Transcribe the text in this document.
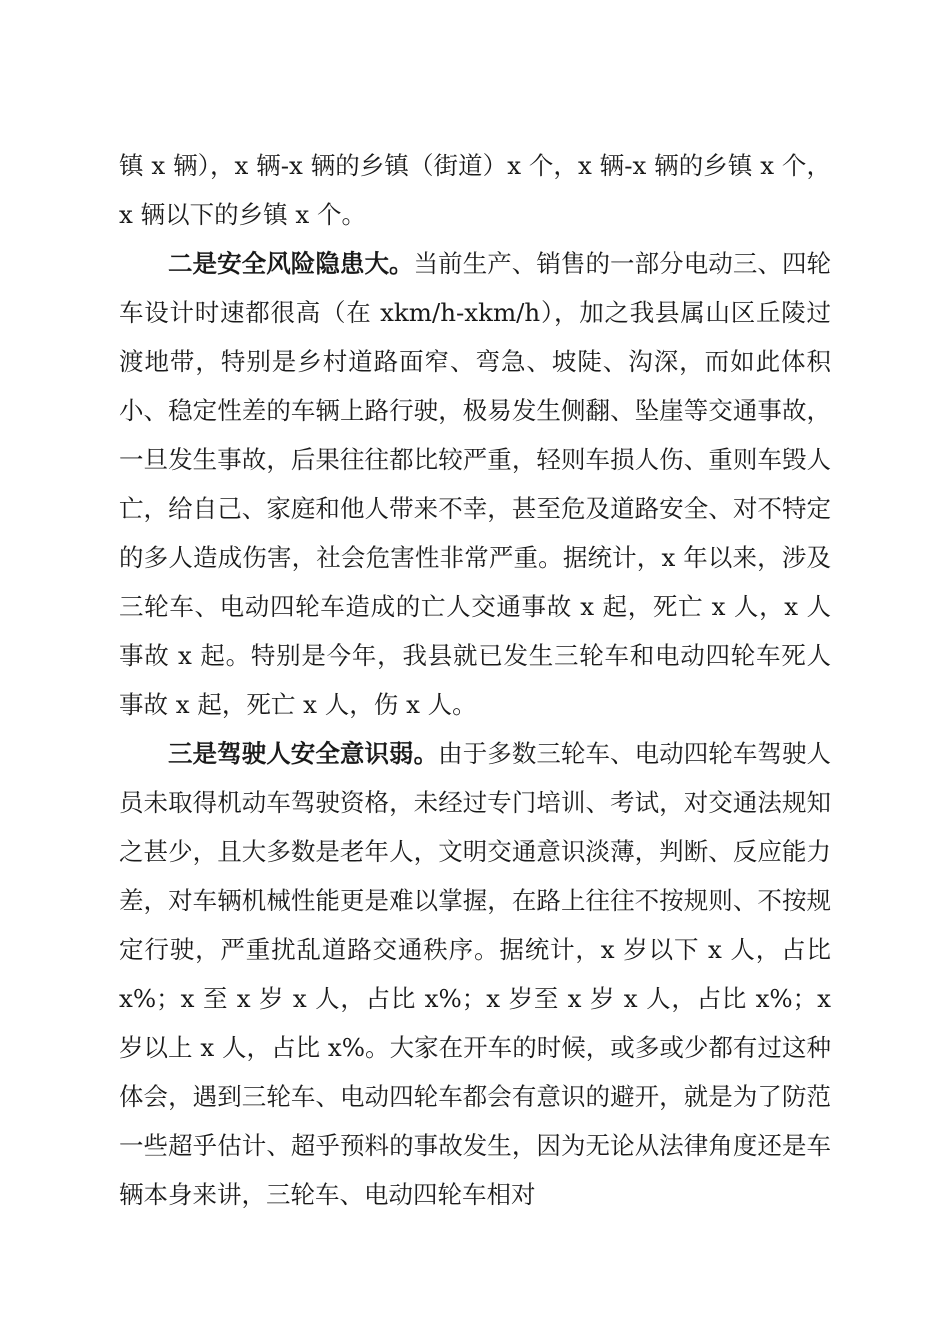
镇 x 辆），x 辆-x 辆的乡镇（街道）x 个，x 辆-x 辆的乡镇 x 个，x 辆以下的乡镇 x 个。

二是安全风险隐患大。当前生产、销售的一部分电动三、四轮车设计时速都很高（在 xkm/h-xkm/h），加之我县属山区丘陵过渡地带，特别是乡村道路面窄、弯急、坡陡、沟深，而如此体积小、稳定性差的车辆上路行驶，极易发生侧翻、坠崖等交通事故，一旦发生事故，后果往往都比较严重，轻则车损人伤、重则车毁人亡，给自己、家庭和他人带来不幸，甚至危及道路安全、对不特定的多人造成伤害，社会危害性非常严重。据统计，x 年以来，涉及三轮车、电动四轮车造成的亡人交通事故 x 起，死亡 x 人，x 人事故 x 起。特别是今年，我县就已发生三轮车和电动四轮车死人事故 x 起，死亡 x 人，伤 x 人。

三是驾驶人安全意识弱。由于多数三轮车、电动四轮车驾驶人员未取得机动车驾驶资格，未经过专门培训、考试，对交通法规知之甚少，且大多数是老年人，文明交通意识淡薄，判断、反应能力差，对车辆机械性能更是难以掌握，在路上往往不按规则、不按规定行驶，严重扰乱道路交通秩序。据统计，x 岁以下 x 人，占比 x%；x 至 x 岁 x 人，占比 x%；x 岁至 x 岁 x 人，占比 x%；x 岁以上 x 人，占比 x%。大家在开车的时候，或多或少都有过这种体会，遇到三轮车、电动四轮车都会有意识的避开，就是为了防范一些超乎估计、超乎预料的事故发生，因为无论从法律角度还是车辆本身来讲，三轮车、电动四轮车相对
